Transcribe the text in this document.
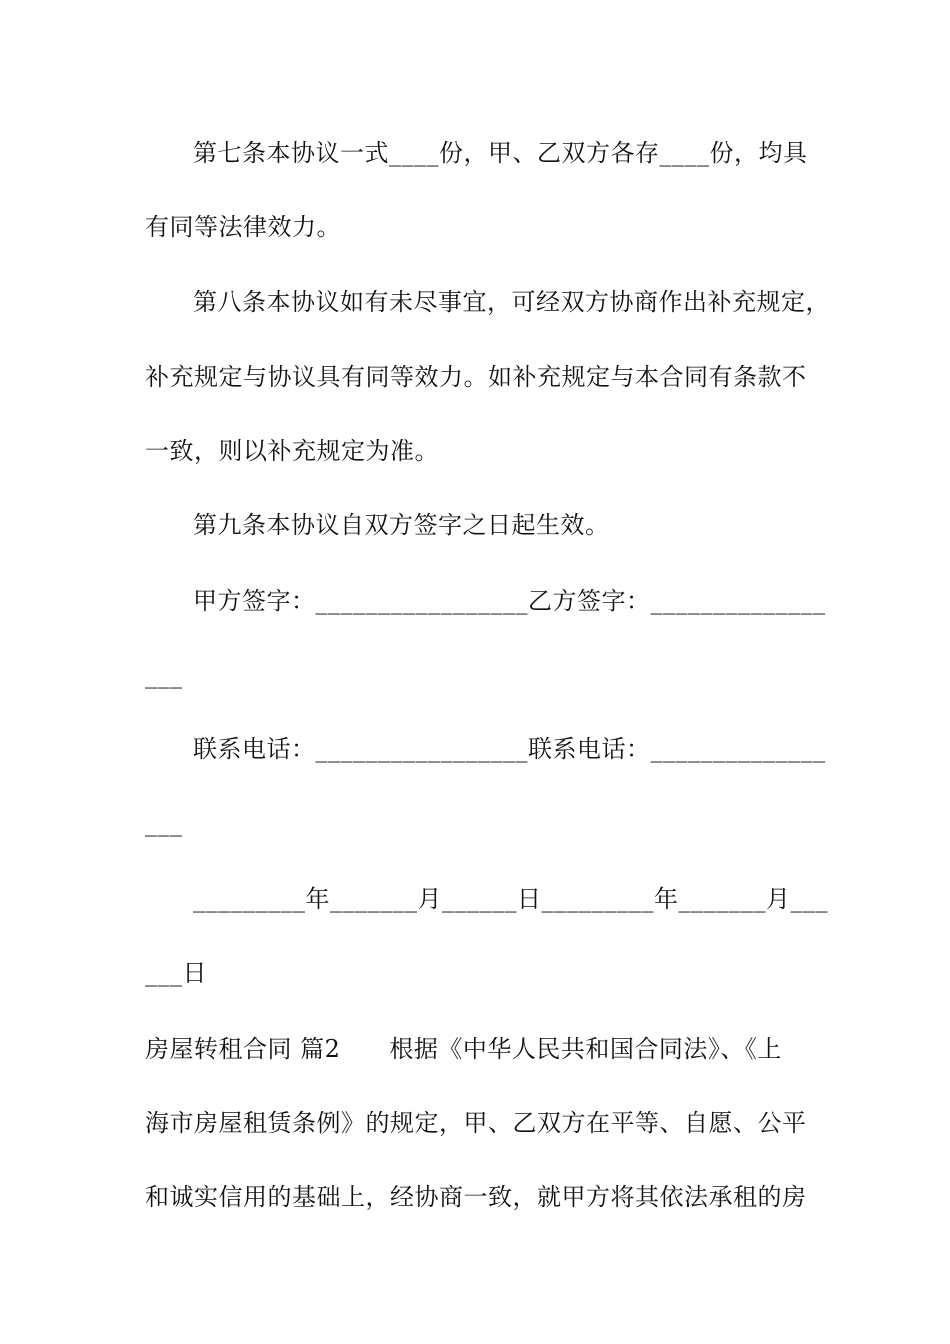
第七条本协议一式____份，甲、乙双方各存____份，均具
有同等法律效力。
第八条本协议如有未尽事宜，可经双方协商作出补充规定，
补充规定与协议具有同等效力。如补充规定与本合同有条款不
一致，则以补充规定为准。
第九条本协议自双方签字之日起生效。
甲方签字：_________________乙方签字：______________
___
联系电话：_________________联系电话：______________
___
_________年_______月______日_________年_______月___
___日
房屋转租合同 篇2　　根据《中华人民共和国合同法》、《上
海市房屋租赁条例》的规定，甲、乙双方在平等、自愿、公平
和诚实信用的基础上，经协商一致，就甲方将其依法承租的房
